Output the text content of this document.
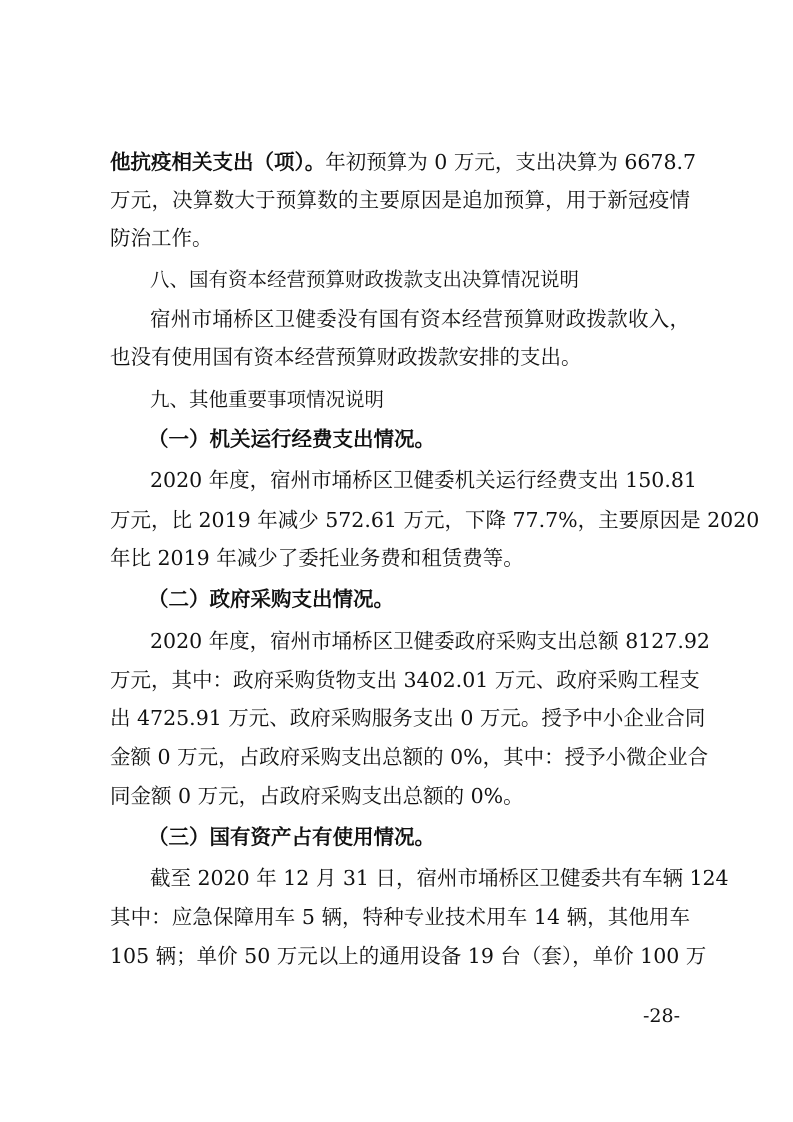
他抗疫相关支出（项）。年初预算为 0 万元，支出决算为 6678.7
万元，决算数大于预算数的主要原因是追加预算，用于新冠疫情
防治工作。
八、国有资本经营预算财政拨款支出决算情况说明
宿州市埇桥区卫健委没有国有资本经营预算财政拨款收入，
也没有使用国有资本经营预算财政拨款安排的支出。
九、其他重要事项情况说明
（一）机关运行经费支出情况。
2020 年度，宿州市埇桥区卫健委机关运行经费支出 150.81
万元，比 2019 年减少 572.61 万元，下降 77.7%，主要原因是 2020
年比 2019 年减少了委托业务费和租赁费等。
（二）政府采购支出情况。
2020 年度，宿州市埇桥区卫健委政府采购支出总额 8127.92
万元，其中：政府采购货物支出 3402.01 万元、政府采购工程支
出 4725.91 万元、政府采购服务支出 0 万元。授予中小企业合同
金额 0 万元，占政府采购支出总额的 0%，其中：授予小微企业合
同金额 0 万元，占政府采购支出总额的 0%。
（三）国有资产占有使用情况。
截至 2020 年 12 月 31 日，宿州市埇桥区卫健委共有车辆 124
其中：应急保障用车 5 辆，特种专业技术用车 14 辆，其他用车
105 辆；单价 50 万元以上的通用设备 19 台（套），单价 100 万
-28-
